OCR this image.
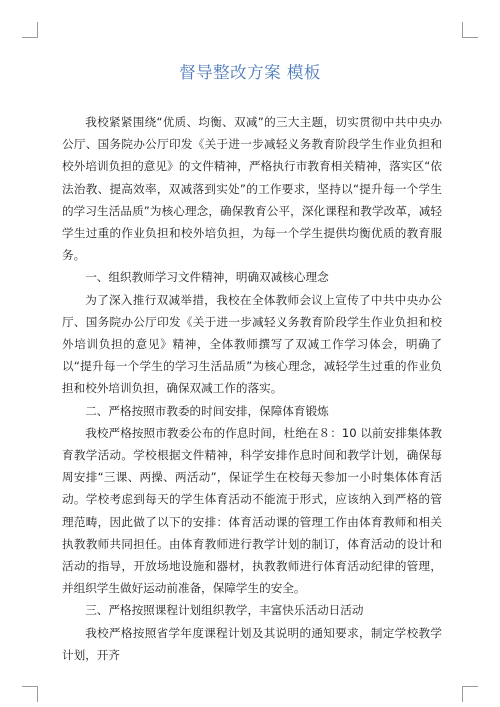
督导整改方案 模板

我校紧紧围绕“优质、均衡、双减”的三大主题，切实贯彻中共中央办公厅、国务院办公厅印发《关于进一步减轻义务教育阶段学生作业负担和校外培训负担的意见》的文件精神，严格执行市教育相关精神，落实区“依法治教、提高效率，双减落到实处”的工作要求，坚持以“提升每一个学生的学习生活品质”为核心理念，确保教育公平，深化课程和教学改革，减轻学生过重的作业负担和校外培负担，为每一个学生提供均衡优质的教育服务。

一、组织教师学习文件精神，明确双减核心理念

为了深入推行双减举措，我校在全体教师会议上宣传了中共中央办公厅、国务院办公厅印发《关于进一步减轻义务教育阶段学生作业负担和校外培训负担的意见》精神，全体教师撰写了双减工作学习体会，明确了以“提升每一个学生的学习生活品质”为核心理念，减轻学生过重的作业负担和校外培训负担，确保双减工作的落实。

二、严格按照市教委的时间安排，保障体育锻炼

我校严格按照市教委公布的作息时间，杜绝在８：10 以前安排集体教育教学活动。学校根据文件精神，科学安排作息时间和教学计划，确保每周安排“三课、两操、两活动”，保证学生在校每天参加一小时集体体育活动。学校考虑到每天的学生体育活动不能流于形式，应该纳入到严格的管理范畴，因此做了以下的安排：体育活动课的管理工作由体育教师和相关执教教师共同担任。由体育教师进行教学计划的制订，体育活动的设计和活动的指导，开放场地设施和器材，执教教师进行体育活动纪律的管理，并组织学生做好运动前准备，保障学生的安全。

三、严格按照课程计划组织教学，丰富快乐活动日活动

我校严格按照省学年度课程计划及其说明的通知要求，制定学校教学计划，开齐
